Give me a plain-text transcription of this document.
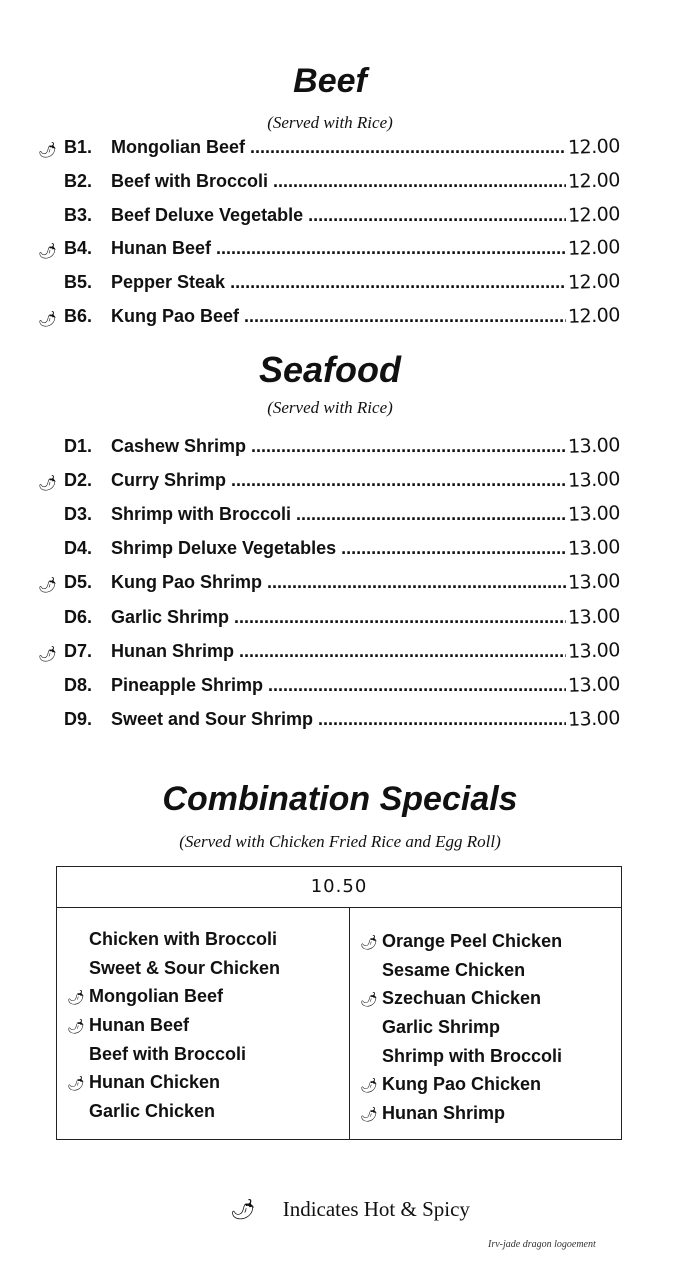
Beef
(Served with Rice)
🌶︎ B1. Mongolian Beef .....	12.00
B2. Beef with Broccoli .....	12.00
B3. Beef Deluxe Vegetable .....	12.00
🌶︎ B4. Hunan Beef .....	12.00
B5. Pepper Steak .....	12.00
🌶︎ B6. Kung Pao Beef .....	12.00
Seafood
(Served with Rice)
D1. Cashew Shrimp .....	13.00
🌶︎ D2. Curry Shrimp .....	13.00
D3. Shrimp with Broccoli .....	13.00
D4. Shrimp Deluxe Vegetables .....	13.00
🌶︎ D5. Kung Pao Shrimp .....	13.00
D6. Garlic Shrimp .....	13.00
🌶︎ D7. Hunan Shrimp .....	13.00
D8. Pineapple Shrimp .....	13.00
D9. Sweet and Sour Shrimp .....	13.00
Combination Specials
(Served with Chicken Fried Rice and Egg Roll)
10.50
Chicken with Broccoli
Sweet & Sour Chicken
🌶︎ Mongolian Beef
🌶︎ Hunan Beef
Beef with Broccoli
🌶︎ Hunan Chicken
Garlic Chicken
🌶︎ Orange Peel Chicken
Sesame Chicken
🌶︎ Szechuan Chicken
Garlic Shrimp
Shrimp with Broccoli
🌶︎ Kung Pao Chicken
🌶︎ Hunan Shrimp
🌶︎ Indicates Hot & Spicy
Irv-jade dragon logoement
